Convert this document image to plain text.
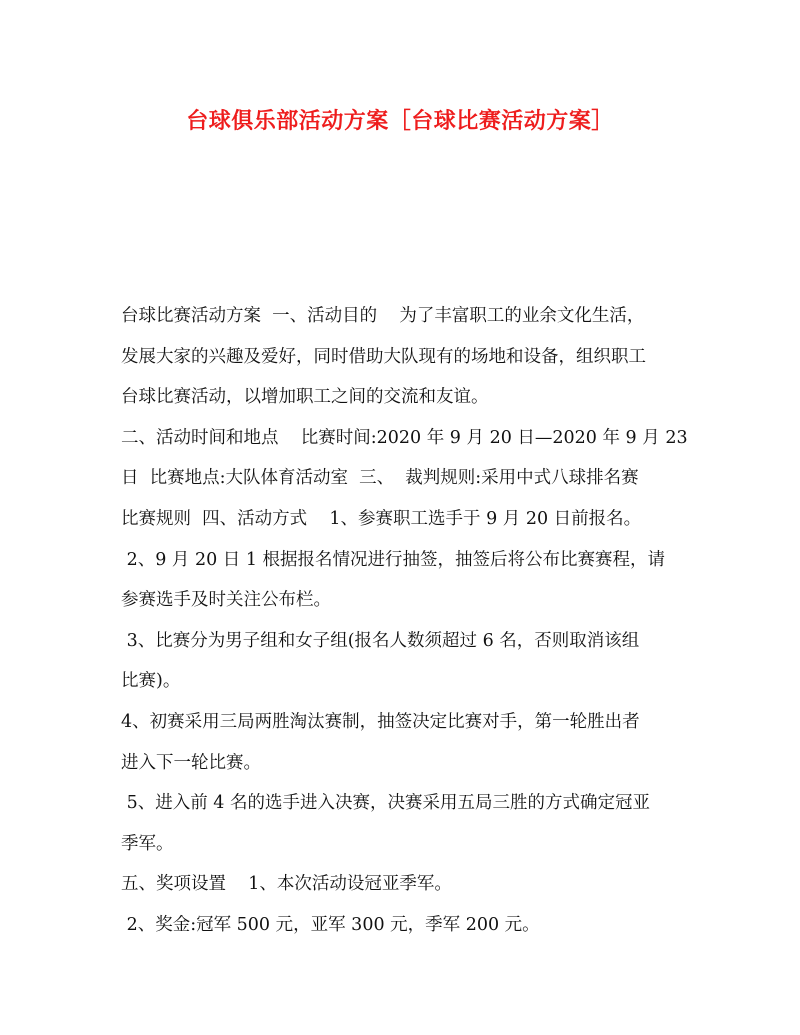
台球俱乐部活动方案［台球比赛活动方案］
台球比赛活动方案  一、活动目的    为了丰富职工的业余文化生活，
发展大家的兴趣及爱好，同时借助大队现有的场地和设备，组织职工
台球比赛活动，以增加职工之间的交流和友谊。
二、活动时间和地点    比赛时间:2020 年 9 月 20 日—2020 年 9 月 23
日  比赛地点:大队体育活动室  三、  裁判规则:采用中式八球排名赛
比赛规则  四、活动方式    1、参赛职工选手于 9 月 20 日前报名。
2、9 月 20 日 1 根据报名情况进行抽签，抽签后将公布比赛赛程，请
参赛选手及时关注公布栏。
3、比赛分为男子组和女子组(报名人数须超过 6 名，否则取消该组
比赛)。
4、初赛采用三局两胜淘汰赛制，抽签决定比赛对手，第一轮胜出者
进入下一轮比赛。
5、进入前 4 名的选手进入决赛，决赛采用五局三胜的方式确定冠亚
季军。
五、奖项设置    1、本次活动设冠亚季军。
2、奖金:冠军 500 元，亚军 300 元，季军 200 元。
